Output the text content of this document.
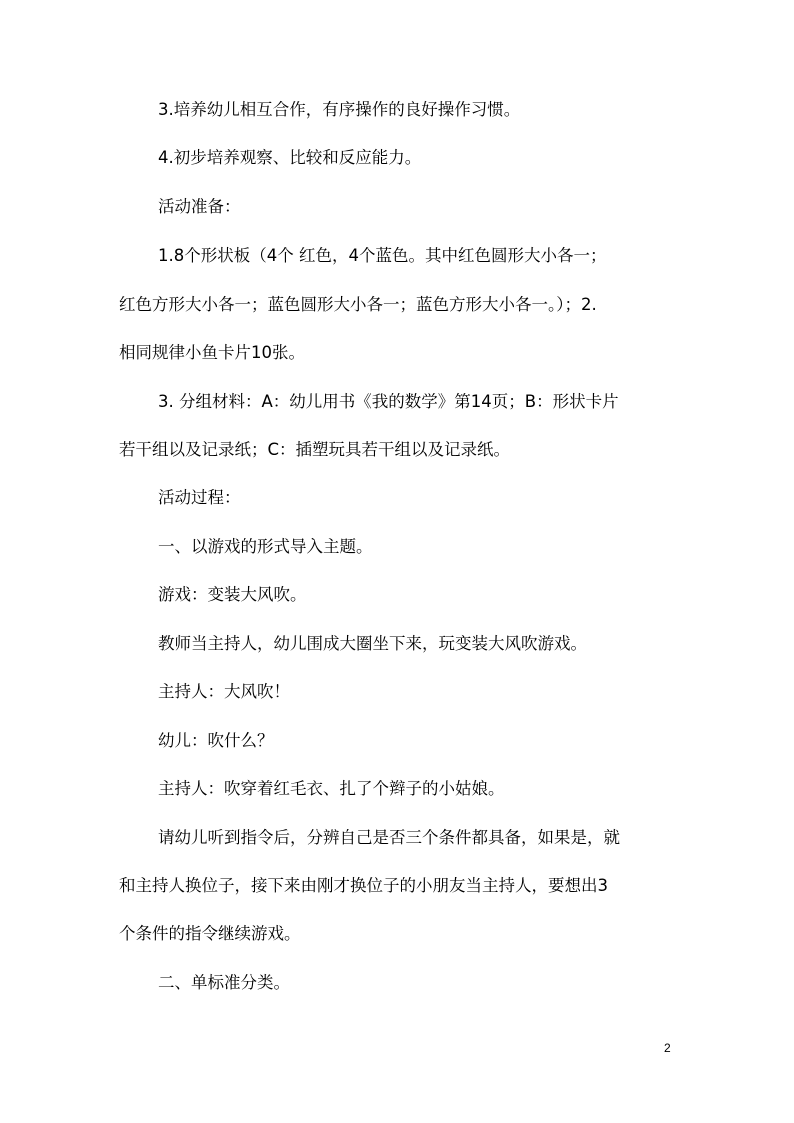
3.培养幼儿相互合作，有序操作的良好操作习惯。
4.初步培养观察、比较和反应能力。
活动准备：
1.8个形状板（4个 红色，4个蓝色。其中红色圆形大小各一；
红色方形大小各一；蓝色圆形大小各一；蓝色方形大小各一。）；2.
相同规律小鱼卡片10张。
3. 分组材料：A：幼儿用书《我的数学》第14页；B：形状卡片
若干组以及记录纸；C：插塑玩具若干组以及记录纸。
活动过程：
一、以游戏的形式导入主题。
游戏：变装大风吹。
教师当主持人，幼儿围成大圈坐下来，玩变装大风吹游戏。
主持人：大风吹！
幼儿：吹什么？
主持人：吹穿着红毛衣、扎了个辫子的小姑娘。
请幼儿听到指令后，分辨自己是否三个条件都具备，如果是，就
和主持人换位子，接下来由刚才换位子的小朋友当主持人，要想出3
个条件的指令继续游戏。
二、单标准分类。
2
